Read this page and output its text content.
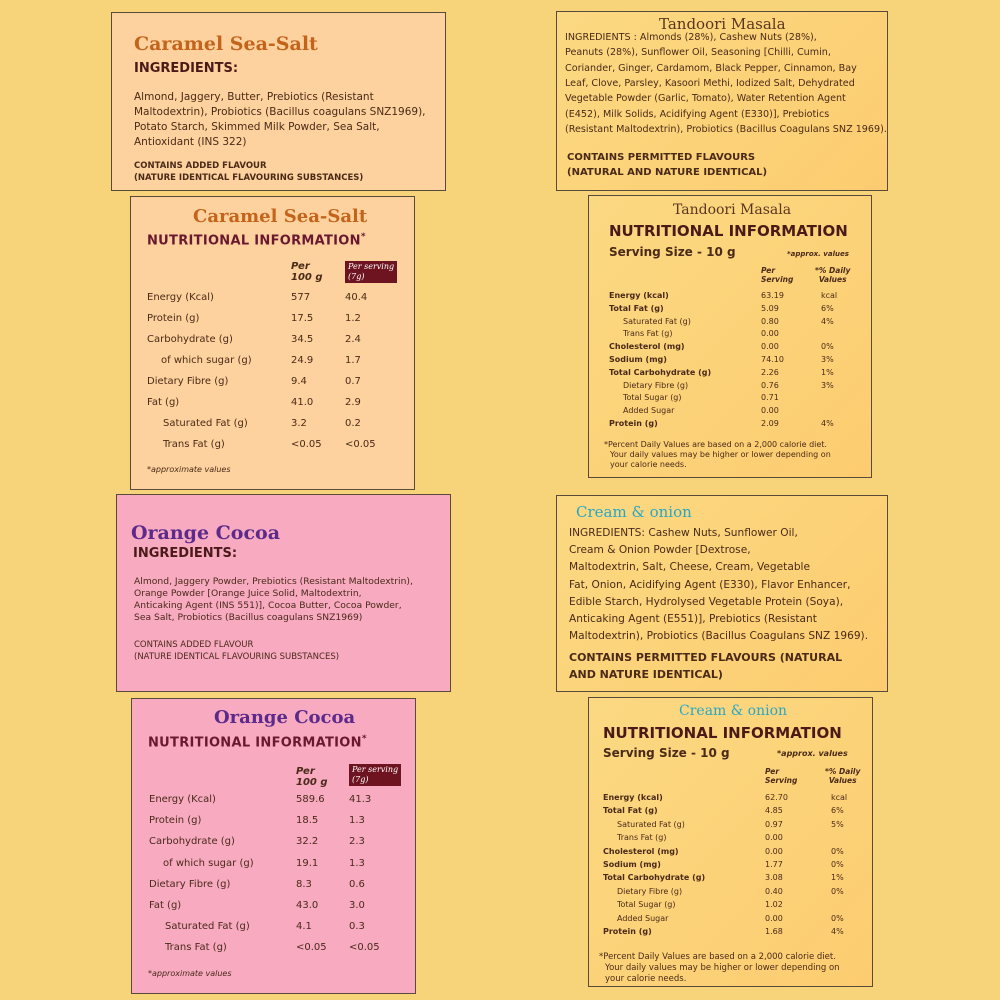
Caramel Sea-Salt
INGREDIENTS:
Almond, Jaggery, Butter, Prebiotics (Resistant
Maltodextrin), Probiotics (Bacillus coagulans SNZ1969),
Potato Starch, Skimmed Milk Powder, Sea Salt,
Antioxidant (INS 322)
CONTAINS ADDED FLAVOUR
(NATURE IDENTICAL FLAVOURING SUBSTANCES)
Caramel Sea-Salt
NUTRITIONAL INFORMATION*
Per
100 g
Per serving
(7g)
Energy (Kcal)	577	40.4
Protein (g)	17.5	1.2
Carbohydrate (g)	34.5	2.4
of which sugar (g)	24.9	1.7
Dietary Fibre (g)	9.4	0.7
Fat (g)	41.0	2.9
Saturated Fat (g)	3.2	0.2
Trans Fat (g)	<0.05 <0.05
*approximate values
Orange Cocoa
INGREDIENTS:
Almond, Jaggery Powder, Prebiotics (Resistant Maltodextrin),
Orange Powder [Orange Juice Solid, Maltodextrin,
Anticaking Agent (INS 551)], Cocoa Butter, Cocoa Powder,
Sea Salt, Probiotics (Bacillus coagulans SNZ1969)
CONTAINS ADDED FLAVOUR
(NATURE IDENTICAL FLAVOURING SUBSTANCES)
Orange Cocoa
NUTRITIONAL INFORMATION*
Per
100 g
Per serving
(7g)
Energy (Kcal)	589.6 41.3
Protein (g)	18.5	1.3
Carbohydrate (g)	32.2	2.3
of which sugar (g)	19.1	1.3
Dietary Fibre (g)	8.3	0.6
Fat (g)	43.0	3.0
Saturated Fat (g)	4.1	0.3
Trans Fat (g)	<0.05 <0.05
*approximate values
Tandoori Masala
INGREDIENTS : Almonds (28%), Cashew Nuts (28%),
Peanuts (28%), Sunflower Oil, Seasoning [Chilli, Cumin,
Coriander, Ginger, Cardamom, Black Pepper, Cinnamon, Bay
Leaf, Clove, Parsley, Kasoori Methi, Iodized Salt, Dehydrated
Vegetable Powder (Garlic, Tomato), Water Retention Agent
(E452), Milk Solids, Acidifying Agent (E330)], Prebiotics
(Resistant Maltodextrin), Probiotics (Bacillus Coagulans SNZ 1969).
CONTAINS PERMITTED FLAVOURS
(NATURAL AND NATURE IDENTICAL)
Tandoori Masala
NUTRITIONAL INFORMATION
Serving Size - 10 g	*approx. values
Per
Serving
*% Daily
Values
Energy (kcal)	63.19	kcal
Total Fat (g)	5.09	6%
Saturated Fat (g)	0.80	4%
Trans Fat (g)	0.00
Cholesterol (mg)	0.00	0%
Sodium (mg)	74.10	3%
Total Carbohydrate (g)	2.26	1%
Dietary Fibre (g)	0.76	3%
Total Sugar (g)	0.71
Added Sugar	0.00
Protein (g)	2.09	4%
*Percent Daily Values are based on a 2,000 calorie diet.
Your daily values may be higher or lower depending on
your calorie needs.
Cream & onion
INGREDIENTS: Cashew Nuts, Sunflower Oil,
Cream & Onion Powder [Dextrose,
Maltodextrin, Salt, Cheese, Cream, Vegetable
Fat, Onion, Acidifying Agent (E330), Flavor Enhancer,
Edible Starch, Hydrolysed Vegetable Protein (Soya),
Anticaking Agent (E551)], Prebiotics (Resistant
Maltodextrin), Probiotics (Bacillus Coagulans SNZ 1969).
CONTAINS PERMITTED FLAVOURS (NATURAL
AND NATURE IDENTICAL)
Cream & onion
NUTRITIONAL INFORMATION
Serving Size - 10 g	*approx. values
Per
Serving
*% Daily
Values
Energy (kcal)	62.70	kcal
Total Fat (g)	4.85	6%
Saturated Fat (g)	0.97	5%
Trans Fat (g)	0.00
Cholesterol (mg)	0.00	0%
Sodium (mg)	1.77	0%
Total Carbohydrate (g)	3.08	1%
Dietary Fibre (g)	0.40	0%
Total Sugar (g)	1.02
Added Sugar	0.00	0%
Protein (g)	1.68	4%
*Percent Daily Values are based on a 2,000 calorie diet.
Your daily values may be higher or lower depending on
your calorie needs.
